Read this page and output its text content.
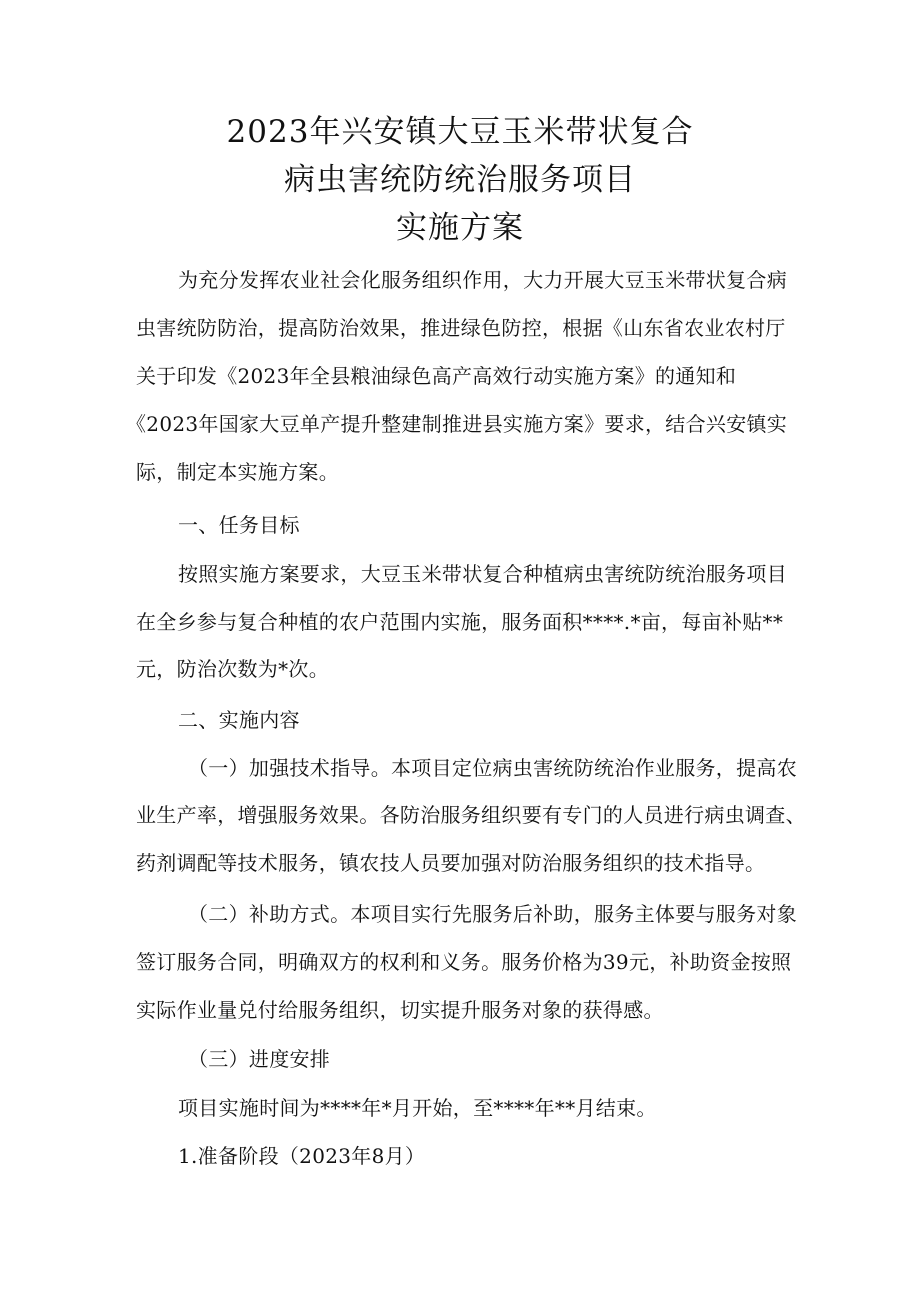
2023年兴安镇大豆玉米带状复合
病虫害统防统治服务项目
实施方案
为充分发挥农业社会化服务组织作用，大力开展大豆玉米带状复合病
虫害统防防治，提高防治效果，推进绿色防控，根据《山东省农业农村厅
关于印发《2023年全县粮油绿色高产高效行动实施方案》的通知和
《2023年国家大豆单产提升整建制推进县实施方案》要求，结合兴安镇实
际，制定本实施方案。
一、任务目标
按照实施方案要求，大豆玉米带状复合种植病虫害统防统治服务项目
在全乡参与复合种植的农户范围内实施，服务面积****.*亩，每亩补贴**
元，防治次数为*次。
二、实施内容
（一）加强技术指导。本项目定位病虫害统防统治作业服务，提高农
业生产率，增强服务效果。各防治服务组织要有专门的人员进行病虫调查、
药剂调配等技术服务，镇农技人员要加强对防治服务组织的技术指导。
（二）补助方式。本项目实行先服务后补助，服务主体要与服务对象
签订服务合同，明确双方的权利和义务。服务价格为39元，补助资金按照
实际作业量兑付给服务组织，切实提升服务对象的获得感。
（三）进度安排
项目实施时间为****年*月开始，至****年**月结束。
1.准备阶段（2023年8月）
